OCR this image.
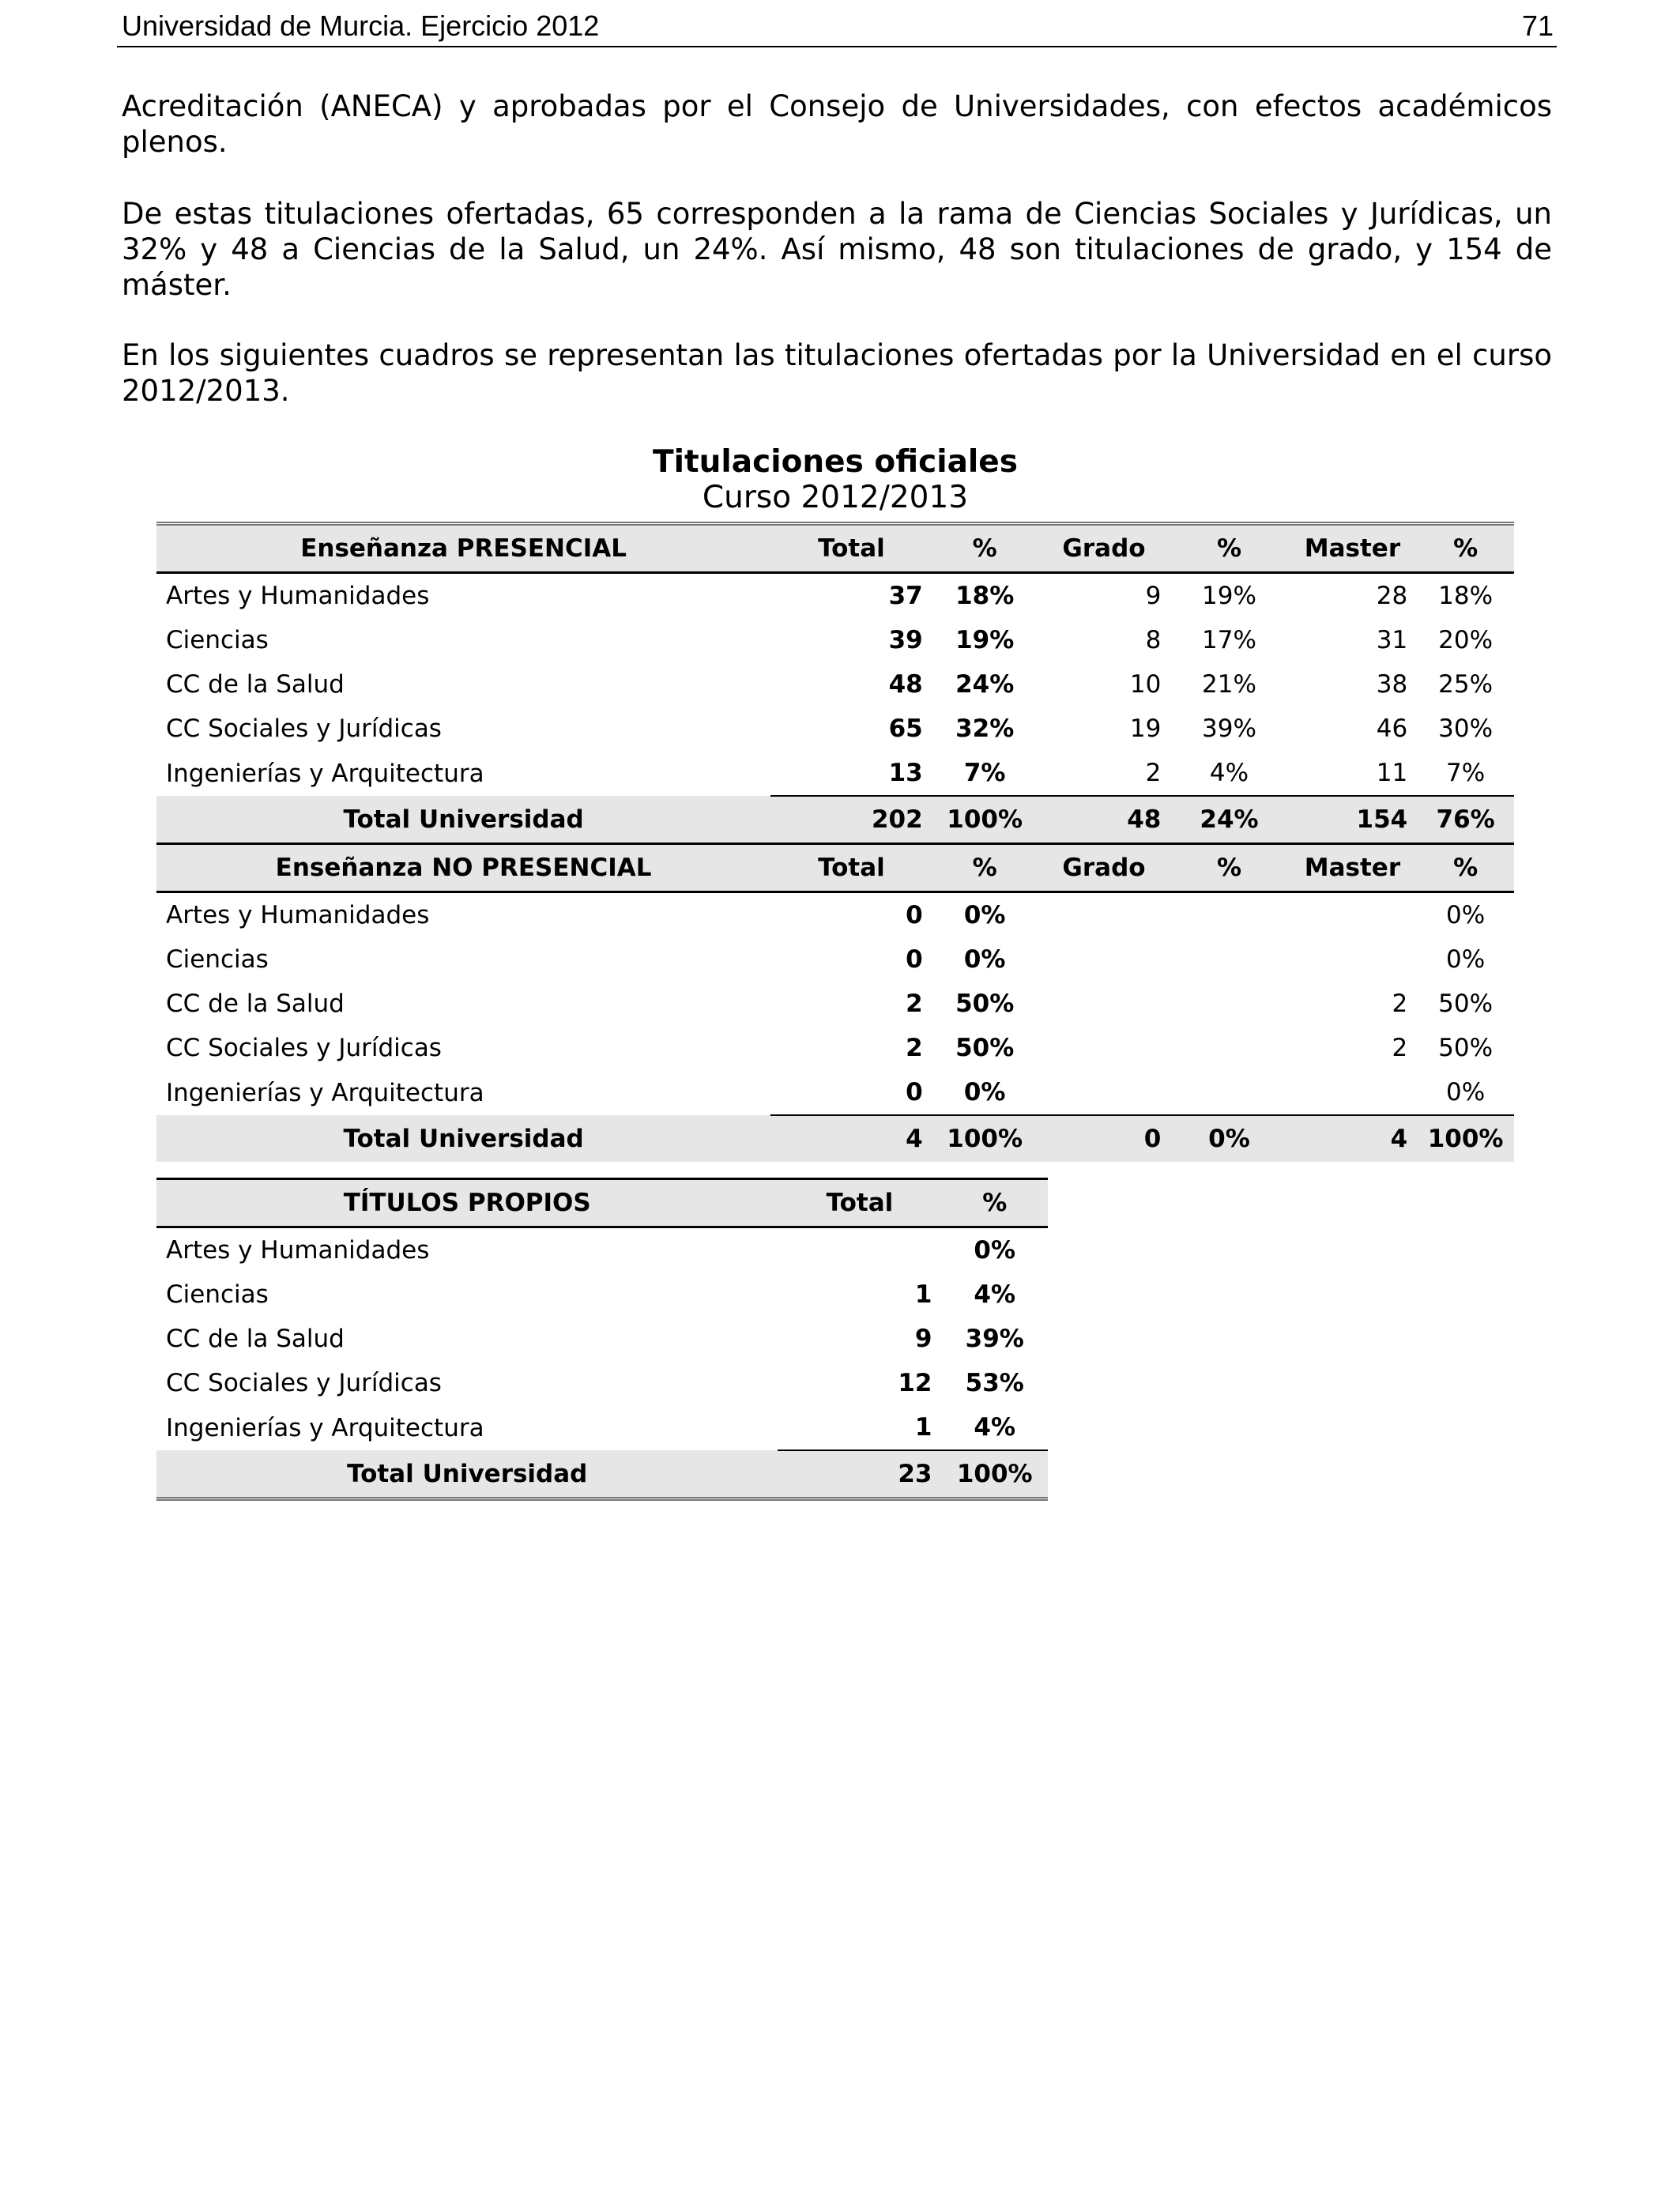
Universidad de Murcia. Ejercicio 2012	71
Acreditación (ANECA) y aprobadas por el Consejo de Universidades, con efectos académicos plenos.
De estas titulaciones ofertadas, 65 corresponden a la rama de Ciencias Sociales y Jurídicas, un 32% y 48 a Ciencias de la Salud, un 24%. Así mismo, 48 son titulaciones de grado, y 154 de máster.
En los siguientes cuadros se representan las titulaciones ofertadas por la Universidad en el curso 2012/2013.
Titulaciones oficiales
Curso 2012/2013
Enseñanza PRESENCIAL	Total	%	Grado	%	Master	%
Artes y Humanidades	37	18%	9	19%	28	18%
Ciencias	39	19%	8	17%	31	20%
CC de la Salud	48	24%	10	21%	38	25%
CC Sociales y Jurídicas	65	32%	19	39%	46	30%
Ingenierías y Arquitectura	13	7%	2	4%	11	7%
Total Universidad	202	100%	48	24%	154	76%
Enseñanza NO PRESENCIAL	Total	%	Grado	%	Master	%
Artes y Humanidades	0	0%				0%
Ciencias	0	0%				0%
CC de la Salud	2	50%			2	50%
CC Sociales y Jurídicas	2	50%			2	50%
Ingenierías y Arquitectura	0	0%				0%
Total Universidad	4	100%	0	0%	4	100%
TÍTULOS PROPIOS	Total	%
Artes y Humanidades		0%
Ciencias	1	4%
CC de la Salud	9	39%
CC Sociales y Jurídicas	12	53%
Ingenierías y Arquitectura	1	4%
Total Universidad	23	100%
